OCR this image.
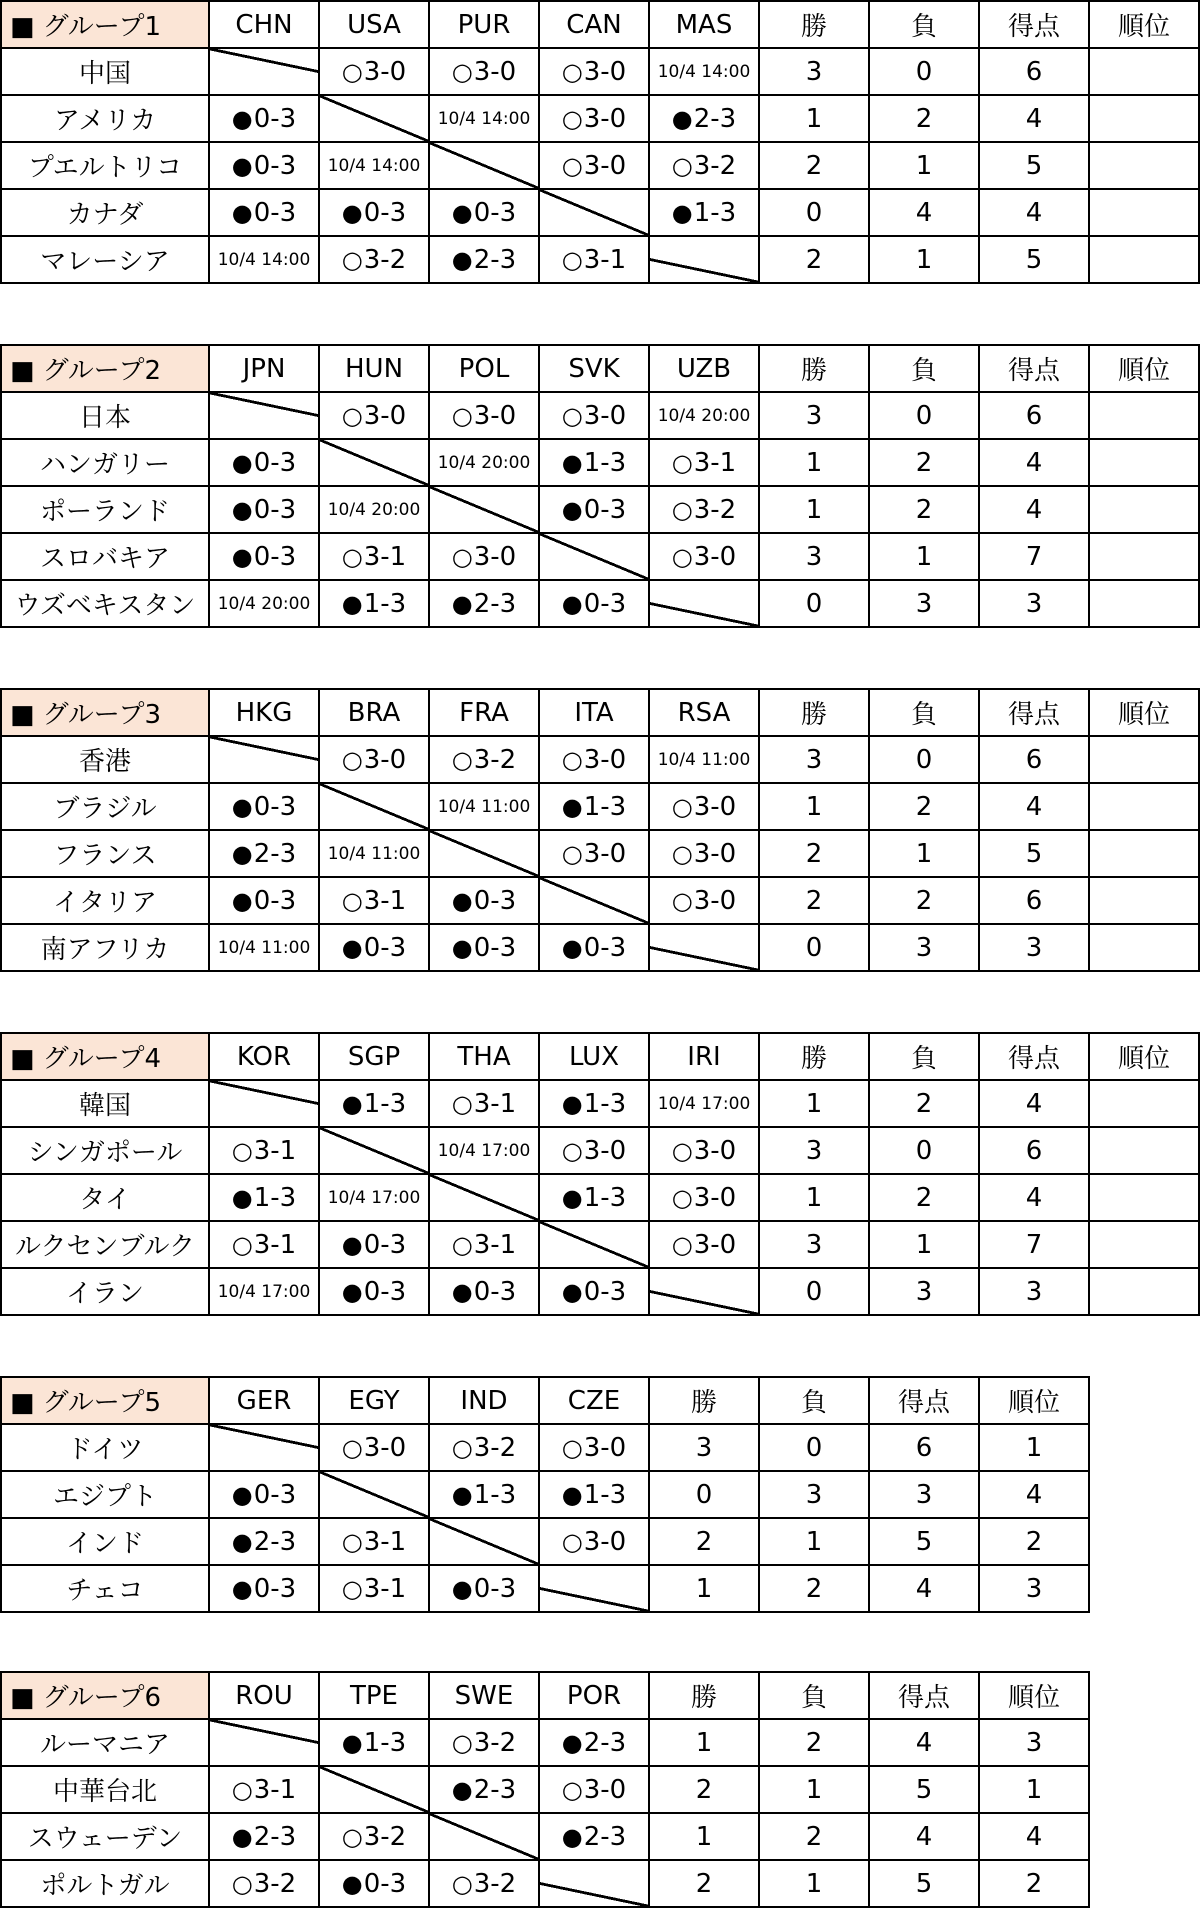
■ グループ1	CHN	USA	PUR	CAN	MAS	勝	負	得点	順位
中国		○3-0	○3-0	○3-0	10/4 14:00	3	0	6	
アメリカ	●0-3		10/4 14:00	○3-0	●2-3	1	2	4	
プエルトリコ	●0-3	10/4 14:00		○3-0	○3-2	2	1	5	
カナダ	●0-3	●0-3	●0-3		●1-3	0	4	4	
マレーシア	10/4 14:00	○3-2	●2-3	○3-1		2	1	5	
■ グループ2	JPN	HUN	POL	SVK	UZB	勝	負	得点	順位
日本		○3-0	○3-0	○3-0	10/4 20:00	3	0	6	
ハンガリー	●0-3		10/4 20:00	●1-3	○3-1	1	2	4	
ポーランド	●0-3	10/4 20:00		●0-3	○3-2	1	2	4	
スロバキア	●0-3	○3-1	○3-0		○3-0	3	1	7	
ウズベキスタン	10/4 20:00	●1-3	●2-3	●0-3		0	3	3	
■ グループ3	HKG	BRA	FRA	ITA	RSA	勝	負	得点	順位
香港		○3-0	○3-2	○3-0	10/4 11:00	3	0	6	
ブラジル	●0-3		10/4 11:00	●1-3	○3-0	1	2	4	
フランス	●2-3	10/4 11:00		○3-0	○3-0	2	1	5	
イタリア	●0-3	○3-1	●0-3		○3-0	2	2	6	
南アフリカ	10/4 11:00	●0-3	●0-3	●0-3		0	3	3	
■ グループ4	KOR	SGP	THA	LUX	IRI	勝	負	得点	順位
韓国		●1-3	○3-1	●1-3	10/4 17:00	1	2	4	
シンガポール	○3-1		10/4 17:00	○3-0	○3-0	3	0	6	
タイ	●1-3	10/4 17:00		●1-3	○3-0	1	2	4	
ルクセンブルク	○3-1	●0-3	○3-1		○3-0	3	1	7	
イラン	10/4 17:00	●0-3	●0-3	●0-3		0	3	3	
■ グループ5	GER	EGY	IND	CZE	勝	負	得点	順位
ドイツ		○3-0	○3-2	○3-0	3	0	6	1
エジプト	●0-3		●1-3	●1-3	0	3	3	4
インド	●2-3	○3-1		○3-0	2	1	5	2
チェコ	●0-3	○3-1	●0-3		1	2	4	3
■ グループ6	ROU	TPE	SWE	POR	勝	負	得点	順位
ルーマニア		●1-3	○3-2	●2-3	1	2	4	3
中華台北	○3-1		●2-3	○3-0	2	1	5	1
スウェーデン	●2-3	○3-2		●2-3	1	2	4	4
ポルトガル	○3-2	●0-3	○3-2		2	1	5	2
